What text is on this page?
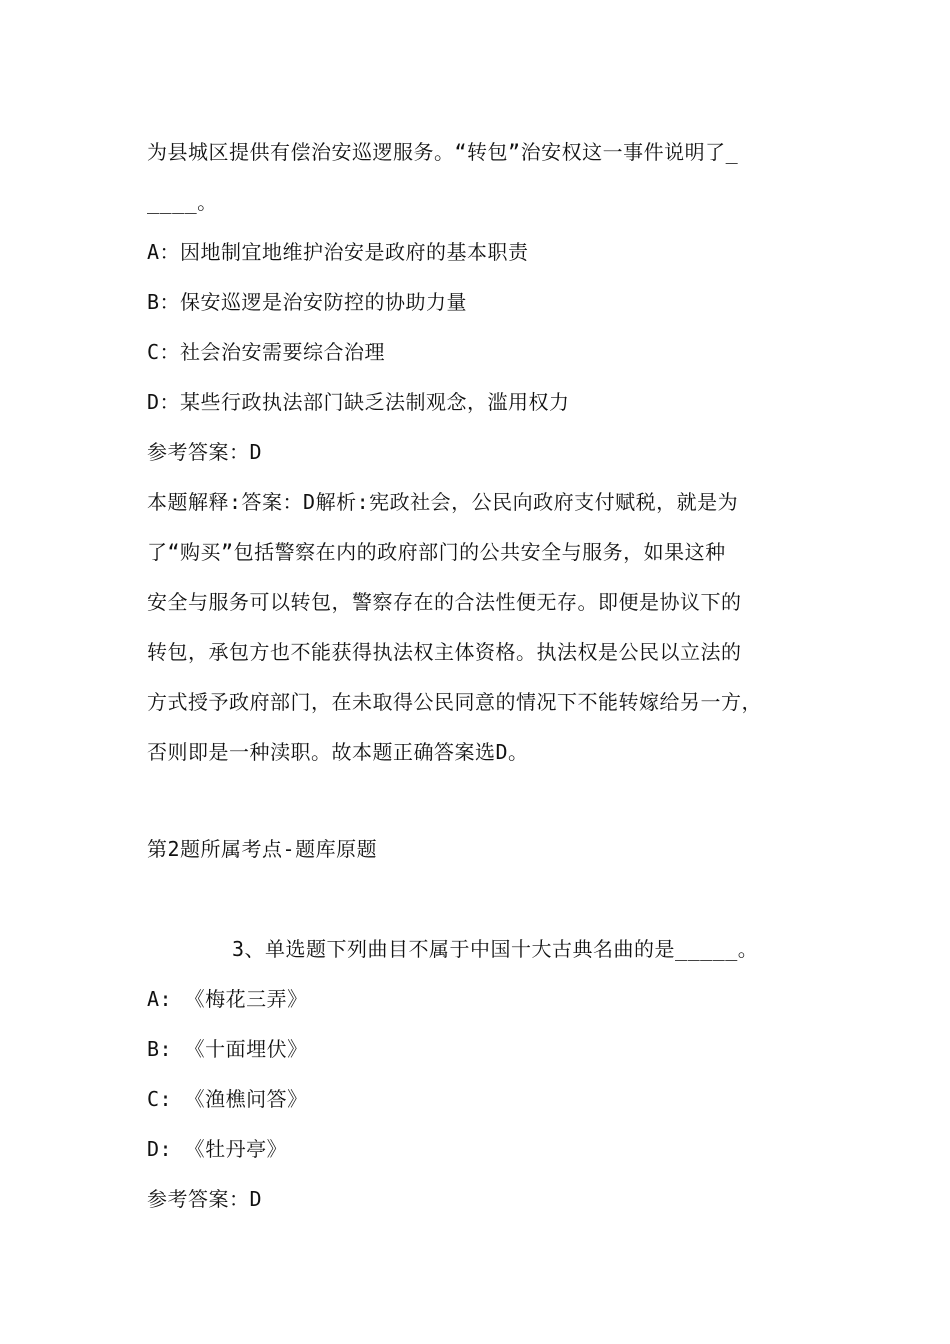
为县城区提供有偿治安巡逻服务。“转包”治安权这一事件说明了_
____。
A：因地制宜地维护治安是政府的基本职责
B：保安巡逻是治安防控的协助力量
C：社会治安需要综合治理
D：某些行政执法部门缺乏法制观念，滥用权力
参考答案：D
本题解释:答案：D解析:宪政社会，公民向政府支付赋税，就是为
了“购买”包括警察在内的政府部门的公共安全与服务，如果这种
安全与服务可以转包，警察存在的合法性便无存。即便是协议下的
转包，承包方也不能获得执法权主体资格。执法权是公民以立法的
方式授予政府部门，在未取得公民同意的情况下不能转嫁给另一方，
否则即是一种渎职。故本题正确答案选D。
第2题所属考点-题库原题
3、单选题下列曲目不属于中国十大古典名曲的是_____。
A: 《梅花三弄》
B: 《十面埋伏》
C: 《渔樵问答》
D: 《牡丹亭》
参考答案：D
